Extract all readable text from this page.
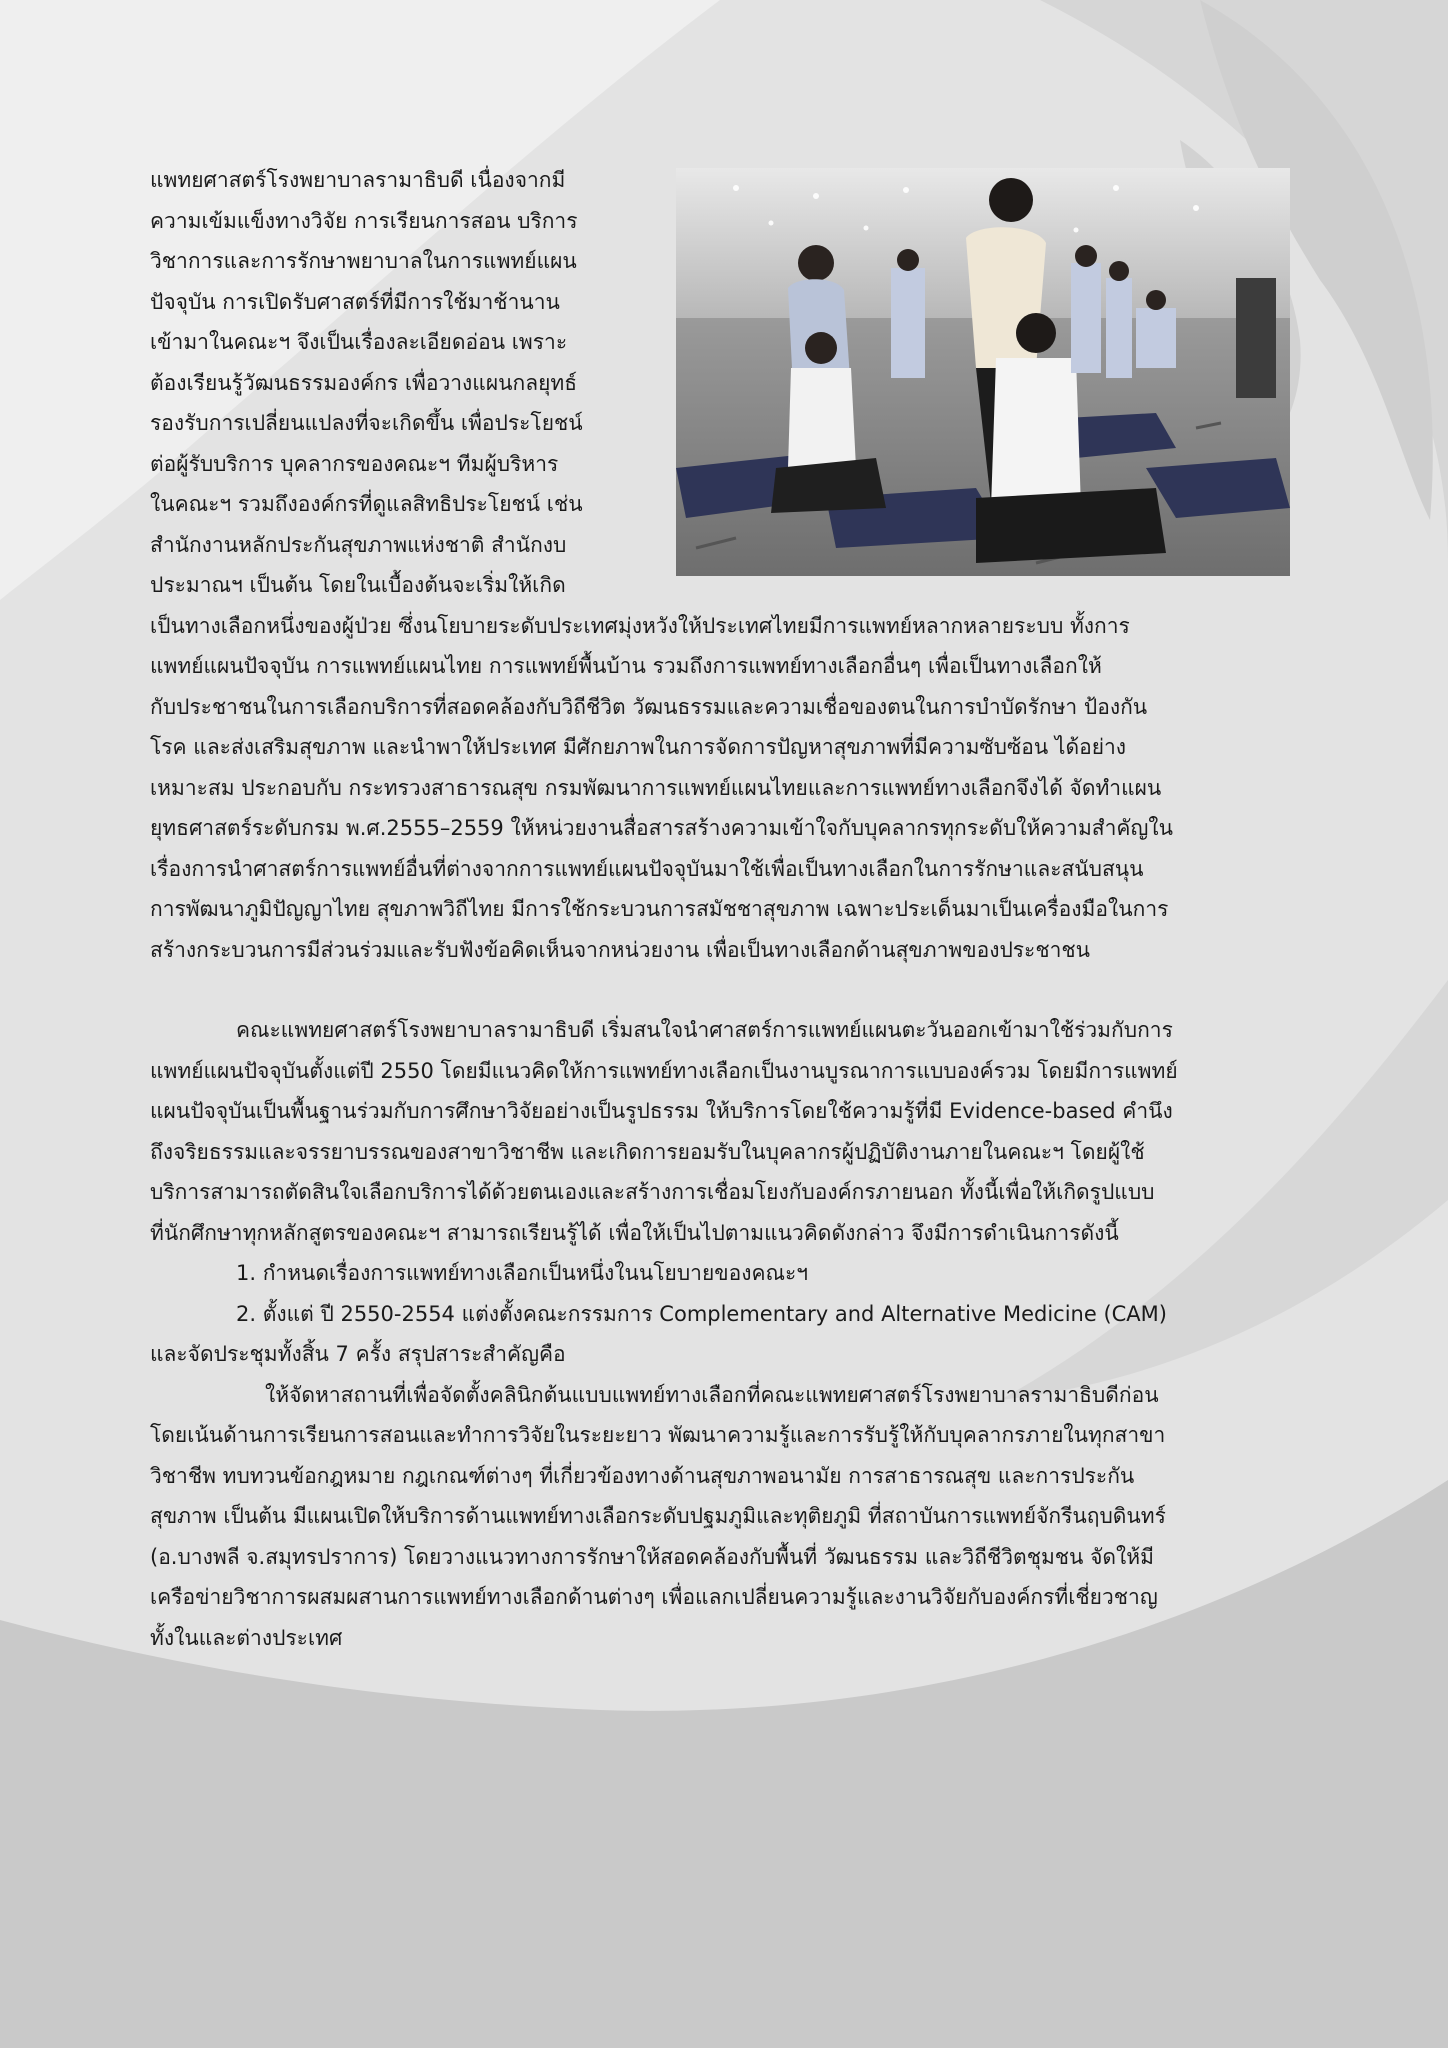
แพทยศาสตร์โรงพยาบาลรามาธิบดี เนื่องจากมี
ความเข้มแข็งทางวิจัย การเรียนการสอน บริการ
วิชาการและการรักษาพยาบาลในการแพทย์แผน
ปัจจุบัน การเปิดรับศาสตร์ที่มีการใช้มาช้านาน
เข้ามาในคณะฯ จึงเป็นเรื่องละเอียดอ่อน เพราะ
ต้องเรียนรู้วัฒนธรรมองค์กร เพื่อวางแผนกลยุทธ์
รองรับการเปลี่ยนแปลงที่จะเกิดขึ้น เพื่อประโยชน์
ต่อผู้รับบริการ บุคลากรของคณะฯ ทีมผู้บริหาร
ในคณะฯ รวมถึงองค์กรที่ดูแลสิทธิประโยชน์ เช่น
สำนักงานหลักประกันสุขภาพแห่งชาติ สำนักงบ
ประมาณฯ เป็นต้น โดยในเบื้องต้นจะเริ่มให้เกิด
เป็นทางเลือกหนึ่งของผู้ป่วย ซึ่งนโยบายระดับประเทศมุ่งหวังให้ประเทศไทยมีการแพทย์หลากหลายระบบ ทั้งการ
แพทย์แผนปัจจุบัน การแพทย์แผนไทย การแพทย์พื้นบ้าน รวมถึงการแพทย์ทางเลือกอื่นๆ เพื่อเป็นทางเลือกให้
กับประชาชนในการเลือกบริการที่สอดคล้องกับวิถีชีวิต วัฒนธรรมและความเชื่อของตนในการบำบัดรักษา ป้องกัน
โรค และส่งเสริมสุขภาพ และนำพาให้ประเทศ มีศักยภาพในการจัดการปัญหาสุขภาพที่มีความซับซ้อน ได้อย่าง
เหมาะสม ประกอบกับ กระทรวงสาธารณสุข กรมพัฒนาการแพทย์แผนไทยและการแพทย์ทางเลือกจึงได้ จัดทำแผน
ยุทธศาสตร์ระดับกรม พ.ศ.2555–2559 ให้หน่วยงานสื่อสารสร้างความเข้าใจกับบุคลากรทุกระดับให้ความสำคัญใน
เรื่องการนำศาสตร์การแพทย์อื่นที่ต่างจากการแพทย์แผนปัจจุบันมาใช้เพื่อเป็นทางเลือกในการรักษาและสนับสนุน
การพัฒนาภูมิปัญญาไทย สุขภาพวิถีไทย มีการใช้กระบวนการสมัชชาสุขภาพ เฉพาะประเด็นมาเป็นเครื่องมือในการ
สร้างกระบวนการมีส่วนร่วมและรับฟังข้อคิดเห็นจากหน่วยงาน เพื่อเป็นทางเลือกด้านสุขภาพของประชาชน
คณะแพทยศาสตร์โรงพยาบาลรามาธิบดี เริ่มสนใจนำศาสตร์การแพทย์แผนตะวันออกเข้ามาใช้ร่วมกับการ
แพทย์แผนปัจจุบันตั้งแต่ปี 2550 โดยมีแนวคิดให้การแพทย์ทางเลือกเป็นงานบูรณาการแบบองค์รวม โดยมีการแพทย์
แผนปัจจุบันเป็นพื้นฐานร่วมกับการศึกษาวิจัยอย่างเป็นรูปธรรม ให้บริการโดยใช้ความรู้ที่มี Evidence-based คำนึง
ถึงจริยธรรมและจรรยาบรรณของสาขาวิชาชีพ และเกิดการยอมรับในบุคลากรผู้ปฏิบัติงานภายในคณะฯ โดยผู้ใช้
บริการสามารถตัดสินใจเลือกบริการได้ด้วยตนเองและสร้างการเชื่อมโยงกับองค์กรภายนอก ทั้งนี้เพื่อให้เกิดรูปแบบ
ที่นักศึกษาทุกหลักสูตรของคณะฯ สามารถเรียนรู้ได้ เพื่อให้เป็นไปตามแนวคิดดังกล่าว จึงมีการดำเนินการดังนี้
1. กำหนดเรื่องการแพทย์ทางเลือกเป็นหนึ่งในนโยบายของคณะฯ
2. ตั้งแต่ ปี 2550-2554 แต่งตั้งคณะกรรมการ Complementary and Alternative Medicine (CAM)
และจัดประชุมทั้งสิ้น 7 ครั้ง สรุปสาระสำคัญคือ
ให้จัดหาสถานที่เพื่อจัดตั้งคลินิกต้นแบบแพทย์ทางเลือกที่คณะแพทยศาสตร์โรงพยาบาลรามาธิบดีก่อน
โดยเน้นด้านการเรียนการสอนและทำการวิจัยในระยะยาว พัฒนาความรู้และการรับรู้ให้กับบุคลากรภายในทุกสาขา
วิชาชีพ ทบทวนข้อกฎหมาย กฎเกณฑ์ต่างๆ ที่เกี่ยวข้องทางด้านสุขภาพอนามัย การสาธารณสุข และการประกัน
สุขภาพ เป็นต้น มีแผนเปิดให้บริการด้านแพทย์ทางเลือกระดับปฐมภูมิและทุติยภูมิ ที่สถาบันการแพทย์จักรีนฤบดินทร์
(อ.บางพลี จ.สมุทรปราการ) โดยวางแนวทางการรักษาให้สอดคล้องกับพื้นที่ วัฒนธรรม และวิถีชีวิตชุมชน จัดให้มี
เครือข่ายวิชาการผสมผสานการแพทย์ทางเลือกด้านต่างๆ เพื่อแลกเปลี่ยนความรู้และงานวิจัยกับองค์กรที่เชี่ยวชาญ
ทั้งในและต่างประเทศ
